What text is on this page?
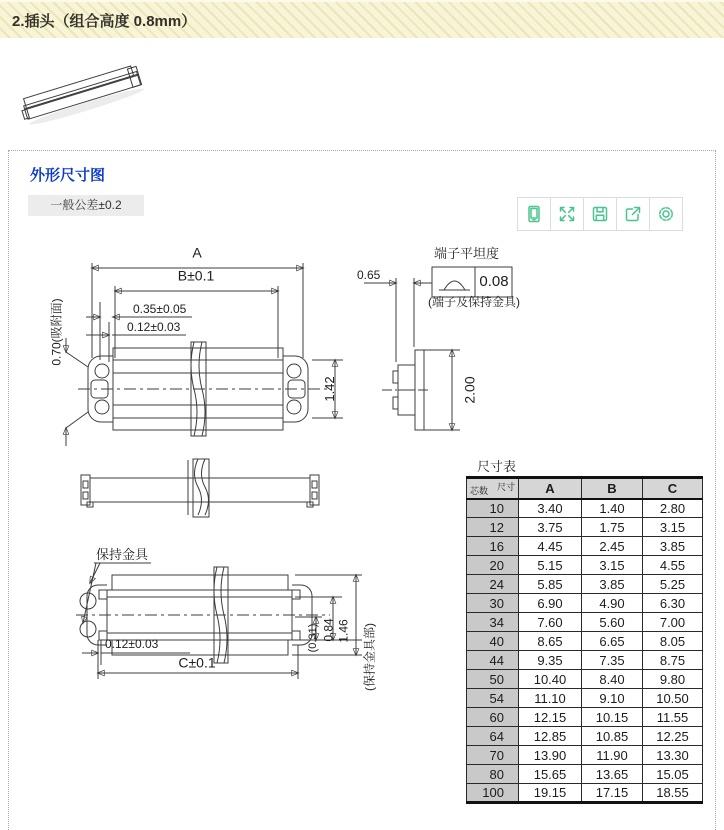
2.插头（组合高度 0.8mm）
外形尺寸图
一般公差±0.2
A
B±0.1
0.35±0.05
0.12±0.03
0.70(吸附面)
1.42
0.65
端子平坦度
0.08
(端子及保持金具)
2.00
保持金具
0.12±0.03
C±0.1
(0.31) 0.84 1.46 (保持金具部)
尺寸表
尺寸
芯数	A	B	C
10	3.40	1.40	2.80
12	3.75	1.75	3.15
16	4.45	2.45	3.85
20	5.15	3.15	4.55
24	5.85	3.85	5.25
30	6.90	4.90	6.30
34	7.60	5.60	7.00
40	8.65	6.65	8.05
44	9.35	7.35	8.75
50	10.40	8.40	9.80
54	11.10	9.10	10.50
60	12.15	10.15	11.55
64	12.85	10.85	12.25
70	13.90	11.90	13.30
80	15.65	13.65	15.05
100	19.15	17.15	18.55
